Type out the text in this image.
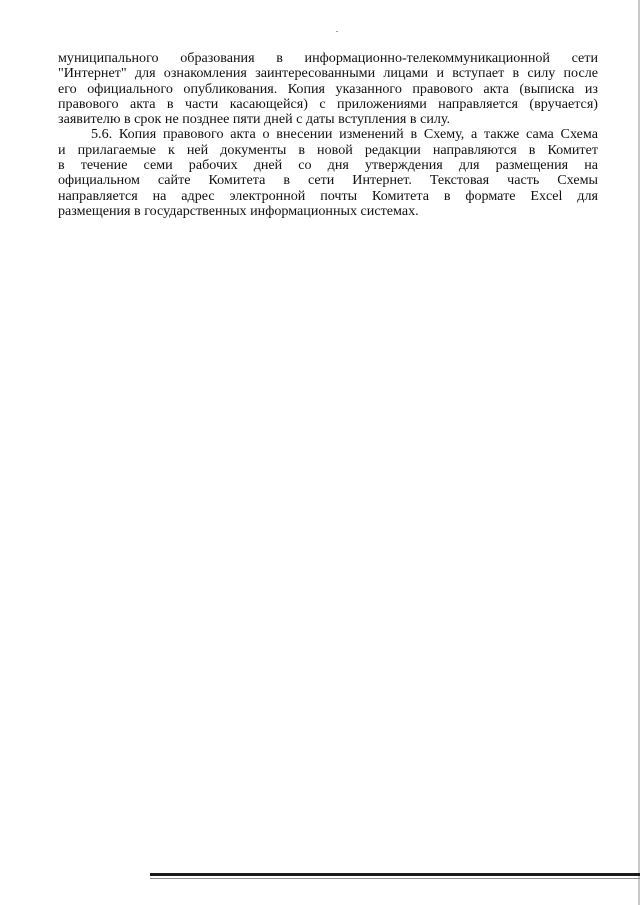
муниципального образования в информационно-телекоммуникационной сети
"Интернет" для ознакомления заинтересованными лицами и вступает в силу после
его официального опубликования. Копия указанного правового акта (выписка из
правового акта в части касающейся) с приложениями направляется (вручается)
заявителю в срок не позднее пяти дней с даты вступления в силу.

5.6. Копия правового акта о внесении изменений в Схему, а также сама Схема
и прилагаемые к ней документы в новой редакции направляются в Комитет
в течение семи рабочих дней со дня утверждения для размещения на
официальном сайте Комитета в сети Интернет. Текстовая часть Схемы
направляется на адрес электронной почты Комитета в формате Excel для
размещения в государственных информационных системах.
